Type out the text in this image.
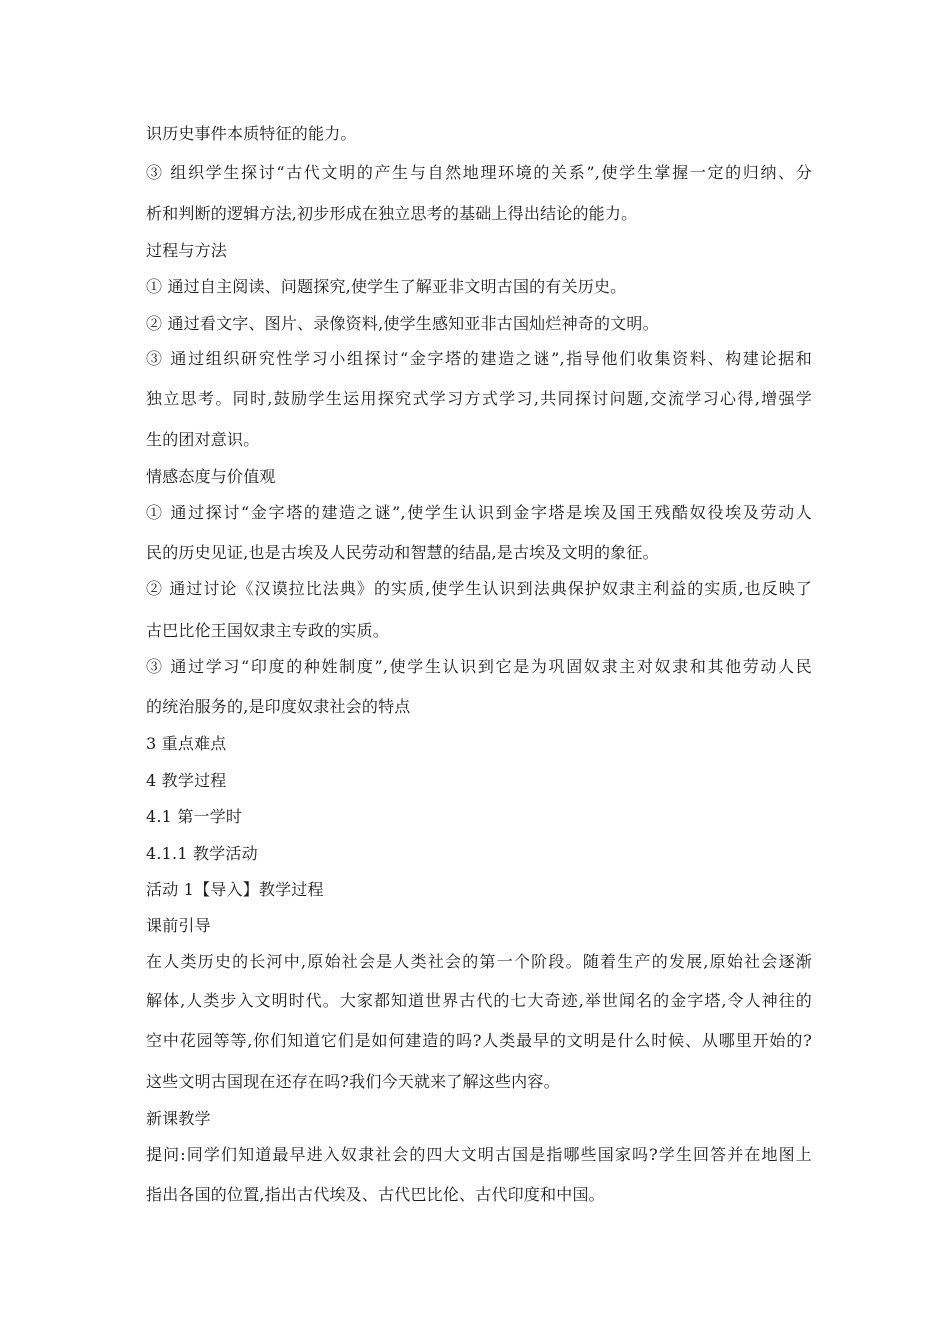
识历史事件本质特征的能力。

③ 组织学生探讨“古代文明的产生与自然地理环境的关系”,使学生掌握一定的归纳、分

析和判断的逻辑方法,初步形成在独立思考的基础上得出结论的能力。

过程与方法

① 通过自主阅读、问题探究,使学生了解亚非文明古国的有关历史。

② 通过看文字、图片、录像资料,使学生感知亚非古国灿烂神奇的文明。

③ 通过组织研究性学习小组探讨“金字塔的建造之谜”,指导他们收集资料、构建论据和

独立思考。同时,鼓励学生运用探究式学习方式学习,共同探讨问题,交流学习心得,增强学

生的团对意识。

情感态度与价值观

① 通过探讨“金字塔的建造之谜”,使学生认识到金字塔是埃及国王残酷奴役埃及劳动人

民的历史见证,也是古埃及人民劳动和智慧的结晶,是古埃及文明的象征。

② 通过讨论《汉谟拉比法典》的实质,使学生认识到法典保护奴隶主利益的实质,也反映了

古巴比伦王国奴隶主专政的实质。

③ 通过学习“印度的种姓制度”,使学生认识到它是为巩固奴隶主对奴隶和其他劳动人民

的统治服务的,是印度奴隶社会的特点

3 重点难点

4 教学过程

4.1 第一学时

4.1.1 教学活动

活动 1【导入】教学过程

课前引导

在人类历史的长河中,原始社会是人类社会的第一个阶段。随着生产的发展,原始社会逐渐

解体,人类步入文明时代。大家都知道世界古代的七大奇迹,举世闻名的金字塔,令人神往的

空中花园等等,你们知道它们是如何建造的吗?人类最早的文明是什么时候、从哪里开始的?

这些文明古国现在还存在吗?我们今天就来了解这些内容。

新课教学

提问:同学们知道最早进入奴隶社会的四大文明古国是指哪些国家吗?学生回答并在地图上

指出各国的位置,指出古代埃及、古代巴比伦、古代印度和中国。
